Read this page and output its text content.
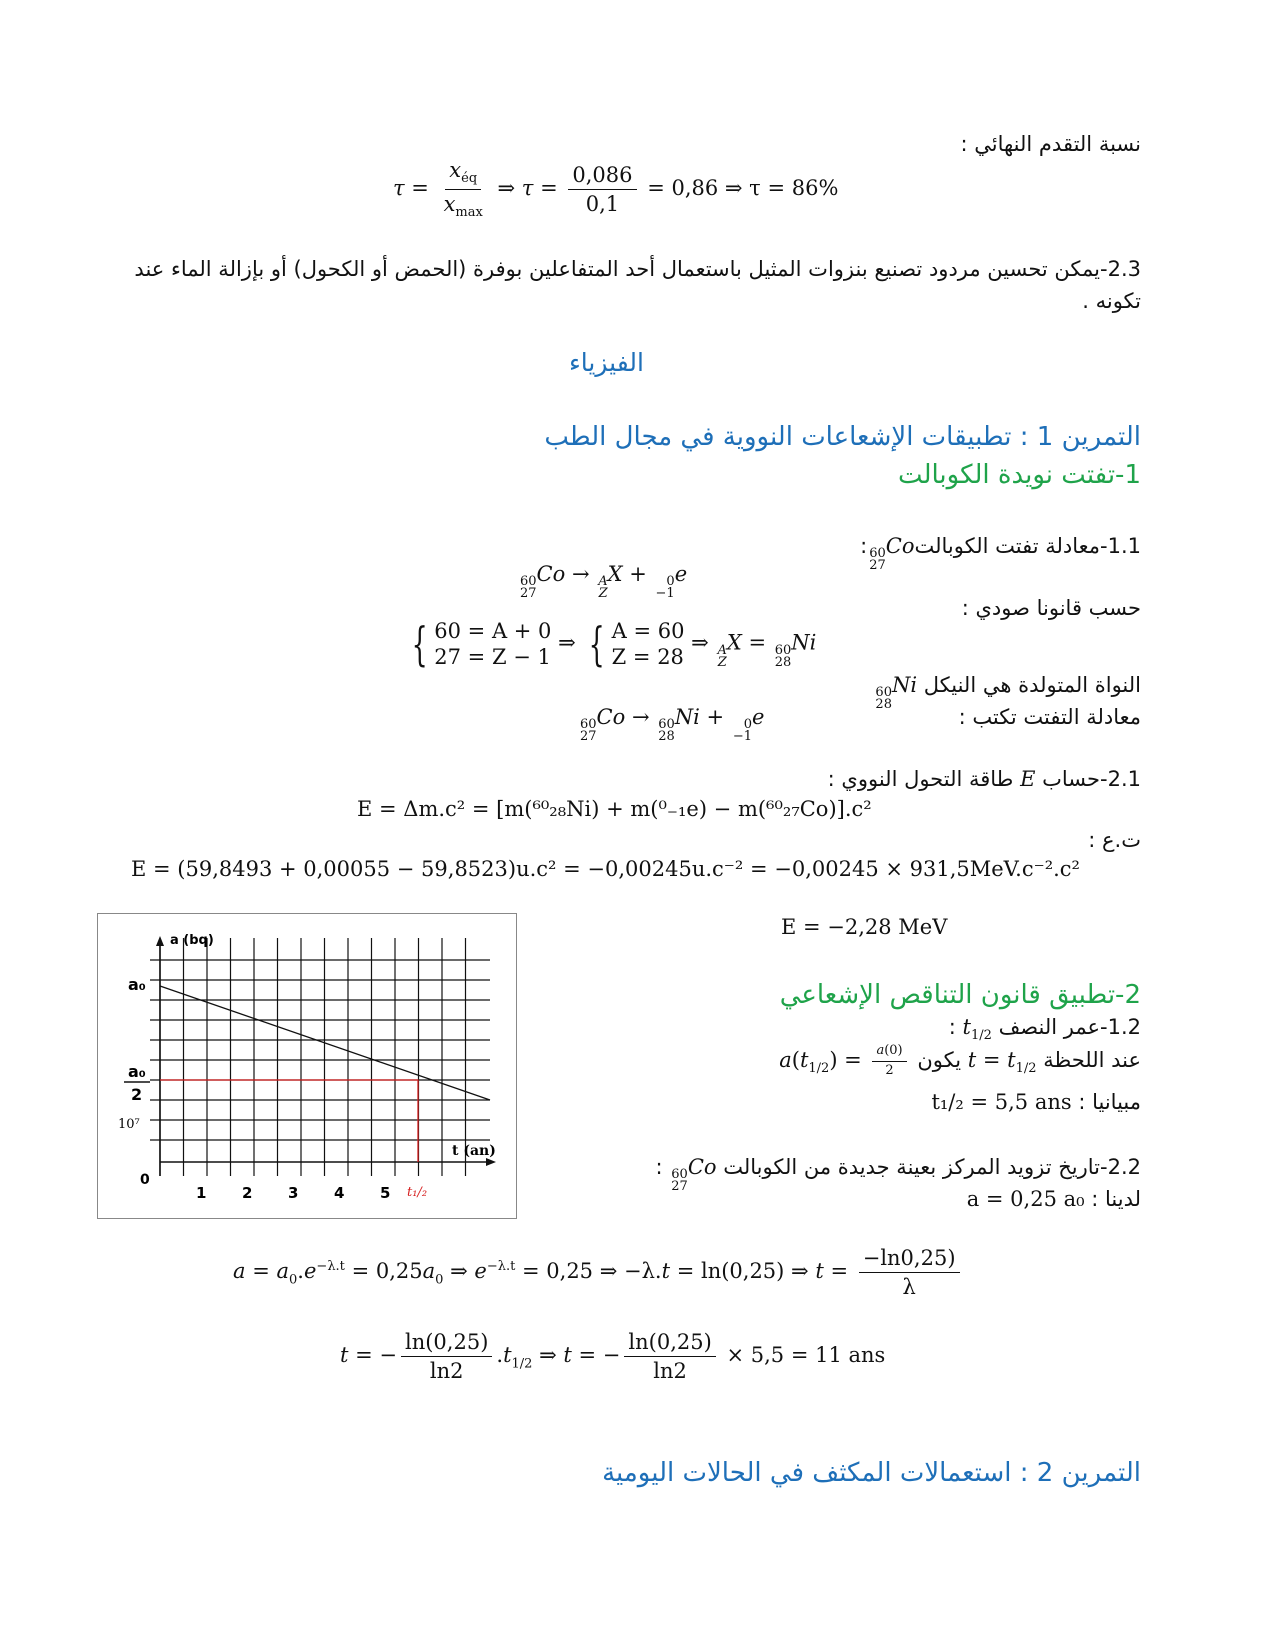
نسبة التقدم النهائي :
$\tau = \frac{x_{éq}}{x_{max}}$ ⇒ $\tau = \frac{0,086}{0,1} = 0,86$ ⇒ τ = 86%
2.3-يمكن تحسين مردود تصنيع بنزوات المثيل باستعمال أحد المتفاعلين بوفرة (الحمض أو الكحول) أو بإزالة الماء عند
تكونه .
الفيزياء
التمرين 1 : تطبيقات الإشعاعات النووية في مجال الطب
1-تفتت نويدة الكوبالت
1.1-معادلة تفتت الكوبالت
60
27
Co:
60
27
Co → A
Z
X + 0
−1
e
حسب قانونا صودي :
{ 60 = A + 0
27 = Z − 1
⇒ { A = 60
Z = 28
⇒ A
Z
X = 60
28
Ni
النواة المتولدة هي النيكل
60
28
Ni
معادلة التفتت تكتب :
60
27
Co → 60
28
Ni + 0
−1
e
2.1-حساب E طاقة التحول النووي :
E = Δm.c² = [m(⁶⁰₂₈Ni) + m(⁰₋₁e) − m(⁶⁰₂₇Co)].c²
ت.ع :
E = (59,8493 + 0,00055 − 59,8523)u.c² = −0,00245u.c⁻² = −0,00245 × 931,5MeV.c⁻².c²
E = −2,28 MeV
2-تطبيق قانون التناقص الإشعاعي
1.2-عمر النصف $t_{1/2}$ :
عند اللحظة $t = t_{1/2}$ يكون $a(t_{1/2}) = \frac{a(0)}{2}$
مبيانيا : t₁/₂ = 5,5 ans
2.2-تاريخ تزويد المركز بعينة جديدة من الكوبالت
60
27
Co :
لدينا : a = 0,25 a₀
$a = a_0.e^{-\lambda.t} = 0,25a_0$ ⇒ $e^{-\lambda.t} = 0,25$ ⇒ −λ.t = ln(0,25) ⇒ $t = \frac{-\ln 0,25)}{\lambda}$
t = − $\frac{\ln(0,25)}{\ln 2} .t_{1/2}$ ⇒ t = − $\frac{\ln(0,25)}{\ln 2} \times 5,5 = 11$ ans
التمرين 2 : استعمالات المكثف في الحالات اليومية
a (bq)
a₀
a₀
2
10⁷
0
t (an)
1 2 3 4 5 t₁/₂
